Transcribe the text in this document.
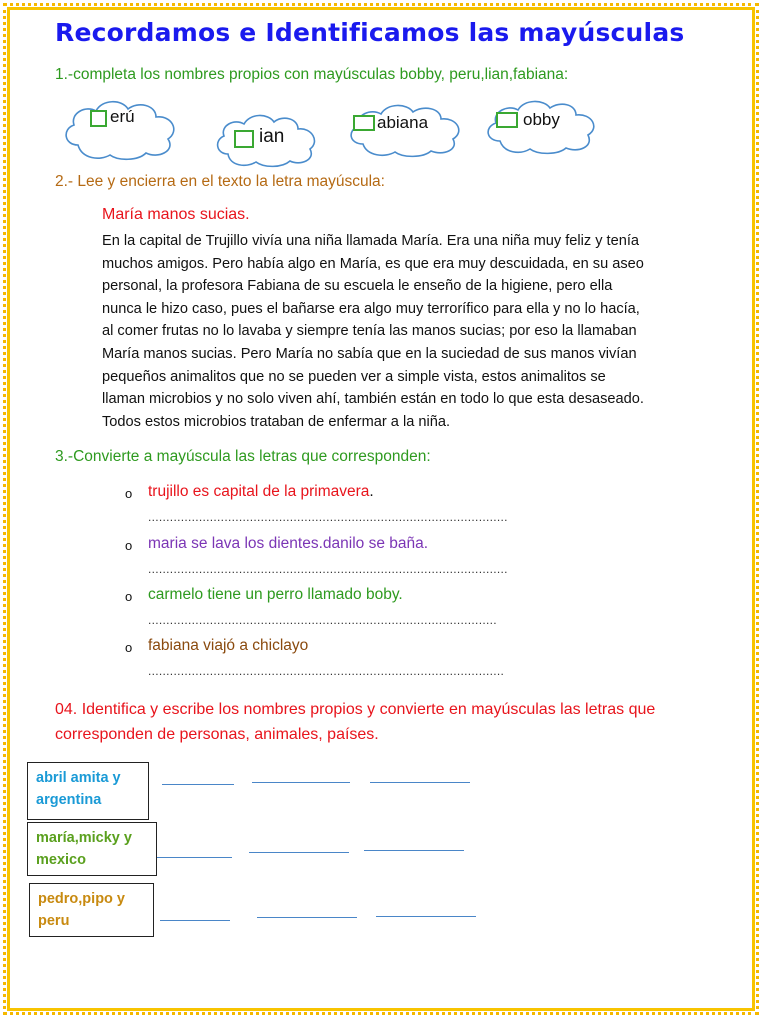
Recordamos e Identificamos las mayúsculas
1.-completa los nombres propios con mayúsculas bobby, peru,lian,fabiana:
erú
ian
abiana	obby
2.- Lee y encierra en el texto la letra mayúscula:
María manos sucias.

En la capital de Trujillo vivía una niña llamada María. Era una niña muy feliz y tenía

muchos amigos. Pero había algo en María, es que era muy descuidada, en su aseo

personal, la profesora Fabiana de su escuela le enseño de la higiene, pero ella

nunca le hizo caso, pues el bañarse era algo muy terrorífico para ella y no lo hacía,

al comer frutas no lo lavaba y siempre tenía las manos sucias; por eso la llamaban

María manos sucias. Pero María no sabía que en la suciedad de sus manos vivían

pequeños animalitos que no se pueden ver a simple vista, estos animalitos se

llaman microbios y no solo viven ahí, también están en todo lo que esta desaseado.

Todos estos microbios trataban de enfermar a la niña.

3.-Convierte a mayúscula las letras que corresponden:
o trujillo es capital de la primavera.
...................................................................................................
o maria se lava los dientes.danilo se baña.
...................................................................................................
o carmelo tiene un perro llamado boby.
................................................................................................
o fabiana viajó a chiclayo
..................................................................................................
04. Identifica y escribe los nombres propios y convierte en mayúsculas las letras que corresponden de personas, animales, países.
abril amita y argentina
maría,micky y mexico
pedro,pipo y peru
